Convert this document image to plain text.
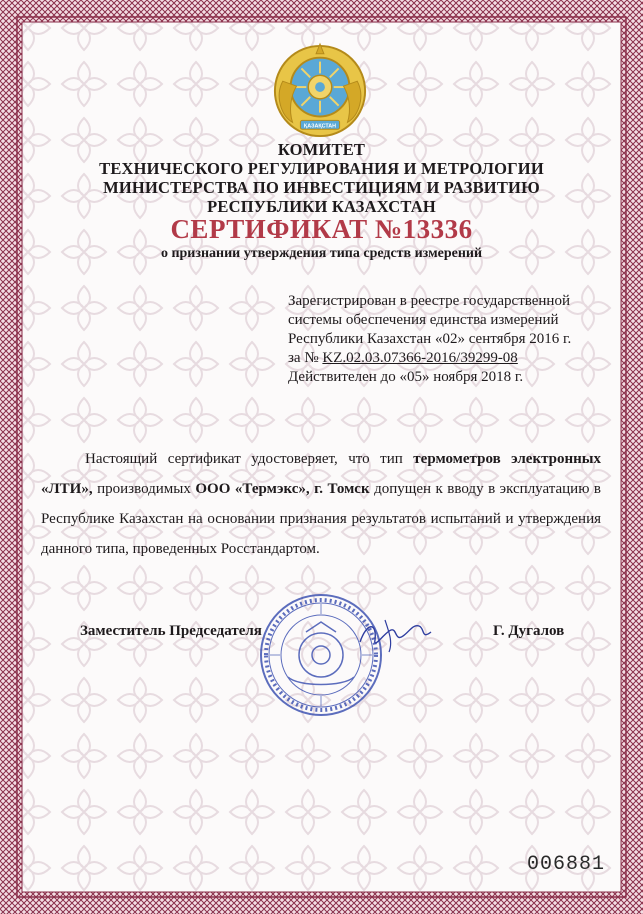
ҚАЗАҚСТАН
КОМИТЕТ
ТЕХНИЧЕСКОГО РЕГУЛИРОВАНИЯ И МЕТРОЛОГИИ
МИНИСТЕРСТВА ПО ИНВЕСТИЦИЯМ И РАЗВИТИЮ
РЕСПУБЛИКИ КАЗАХСТАН
СЕРТИФИКАТ №13336
о признании утверждения типа средств измерений
Зарегистрирован в реестре государственной
системы обеспечения единства измерений
Республики Казахстан «02» сентября 2016 г.
за № KZ.02.03.07366-2016/39299-08
Действителен до «05» ноября 2018 г.
Настоящий сертификат удостоверяет, что тип термометров электронных «ЛТИ», производимых ООО «Термэкс», г. Томск допущен к вводу в эксплуатацию в Республике Казахстан на основании признания результатов испытаний и утверждения данного типа, проведенных Росстандартом.
Заместитель Председателя	Г. Дугалов
006881
